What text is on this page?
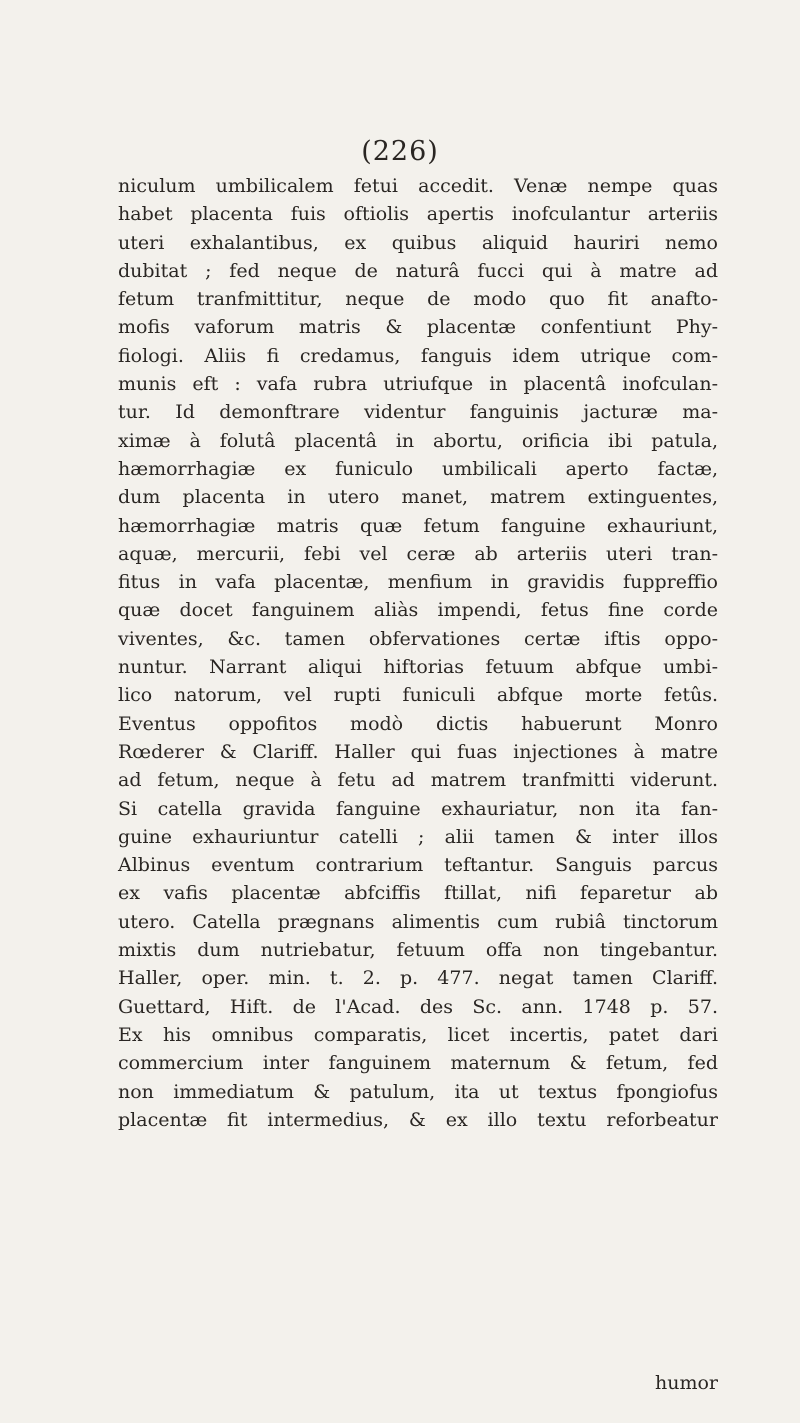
(226)
niculum umbilicalem fetui accedit. Venæ nempe quas
habet placenta fuis oftiolis apertis inofculantur arteriis
uteri exhalantibus, ex quibus aliquid hauriri nemo
dubitat ; fed neque de naturâ fucci qui à matre ad
fetum tranfmittitur, neque de modo quo fit anafto-
mofis vaforum matris & placentæ confentiunt Phy-
fiologi. Aliis fi credamus, fanguis idem utrique com-
munis eft : vafa rubra utriufque in placentâ inofculan-
tur. Id demonftrare videntur fanguinis jacturæ ma-
ximæ à folutâ placentâ in abortu, orificia ibi patula,
hæmorrhagiæ ex funiculo umbilicali aperto factæ,
dum placenta in utero manet, matrem extinguentes,
hæmorrhagiæ matris quæ fetum fanguine exhauriunt,
aquæ, mercurii, febi vel ceræ ab arteriis uteri tran-
fitus in vafa placentæ, menfium in gravidis fuppreffio
quæ docet fanguinem aliàs impendi, fetus fine corde
viventes, &c. tamen obfervationes certæ iftis oppo-
nuntur. Narrant aliqui hiftorias fetuum abfque umbi-
lico natorum, vel rupti funiculi abfque morte fetûs.
Eventus oppofitos modò dictis habuerunt Monro
Rœderer & Clariff. Haller qui fuas injectiones à matre
ad fetum, neque à fetu ad matrem tranfmitti viderunt.
Si catella gravida fanguine exhauriatur, non ita fan-
guine exhauriuntur catelli ; alii tamen & inter illos
Albinus eventum contrarium teftantur. Sanguis parcus
ex vafis placentæ abfciffis ftillat, nifi feparetur ab
utero. Catella prægnans alimentis cum rubiâ tinctorum
mixtis dum nutriebatur, fetuum offa non tingebantur.
Haller, oper. min. t. 2. p. 477. negat tamen Clariff.
Guettard, Hift. de l'Acad. des Sc. ann. 1748 p. 57.
Ex his omnibus comparatis, licet incertis, patet dari
commercium inter fanguinem maternum & fetum, fed
non immediatum & patulum, ita ut textus fpongiofus
placentæ fit intermedius, & ex illo textu reforbeatur
humor
